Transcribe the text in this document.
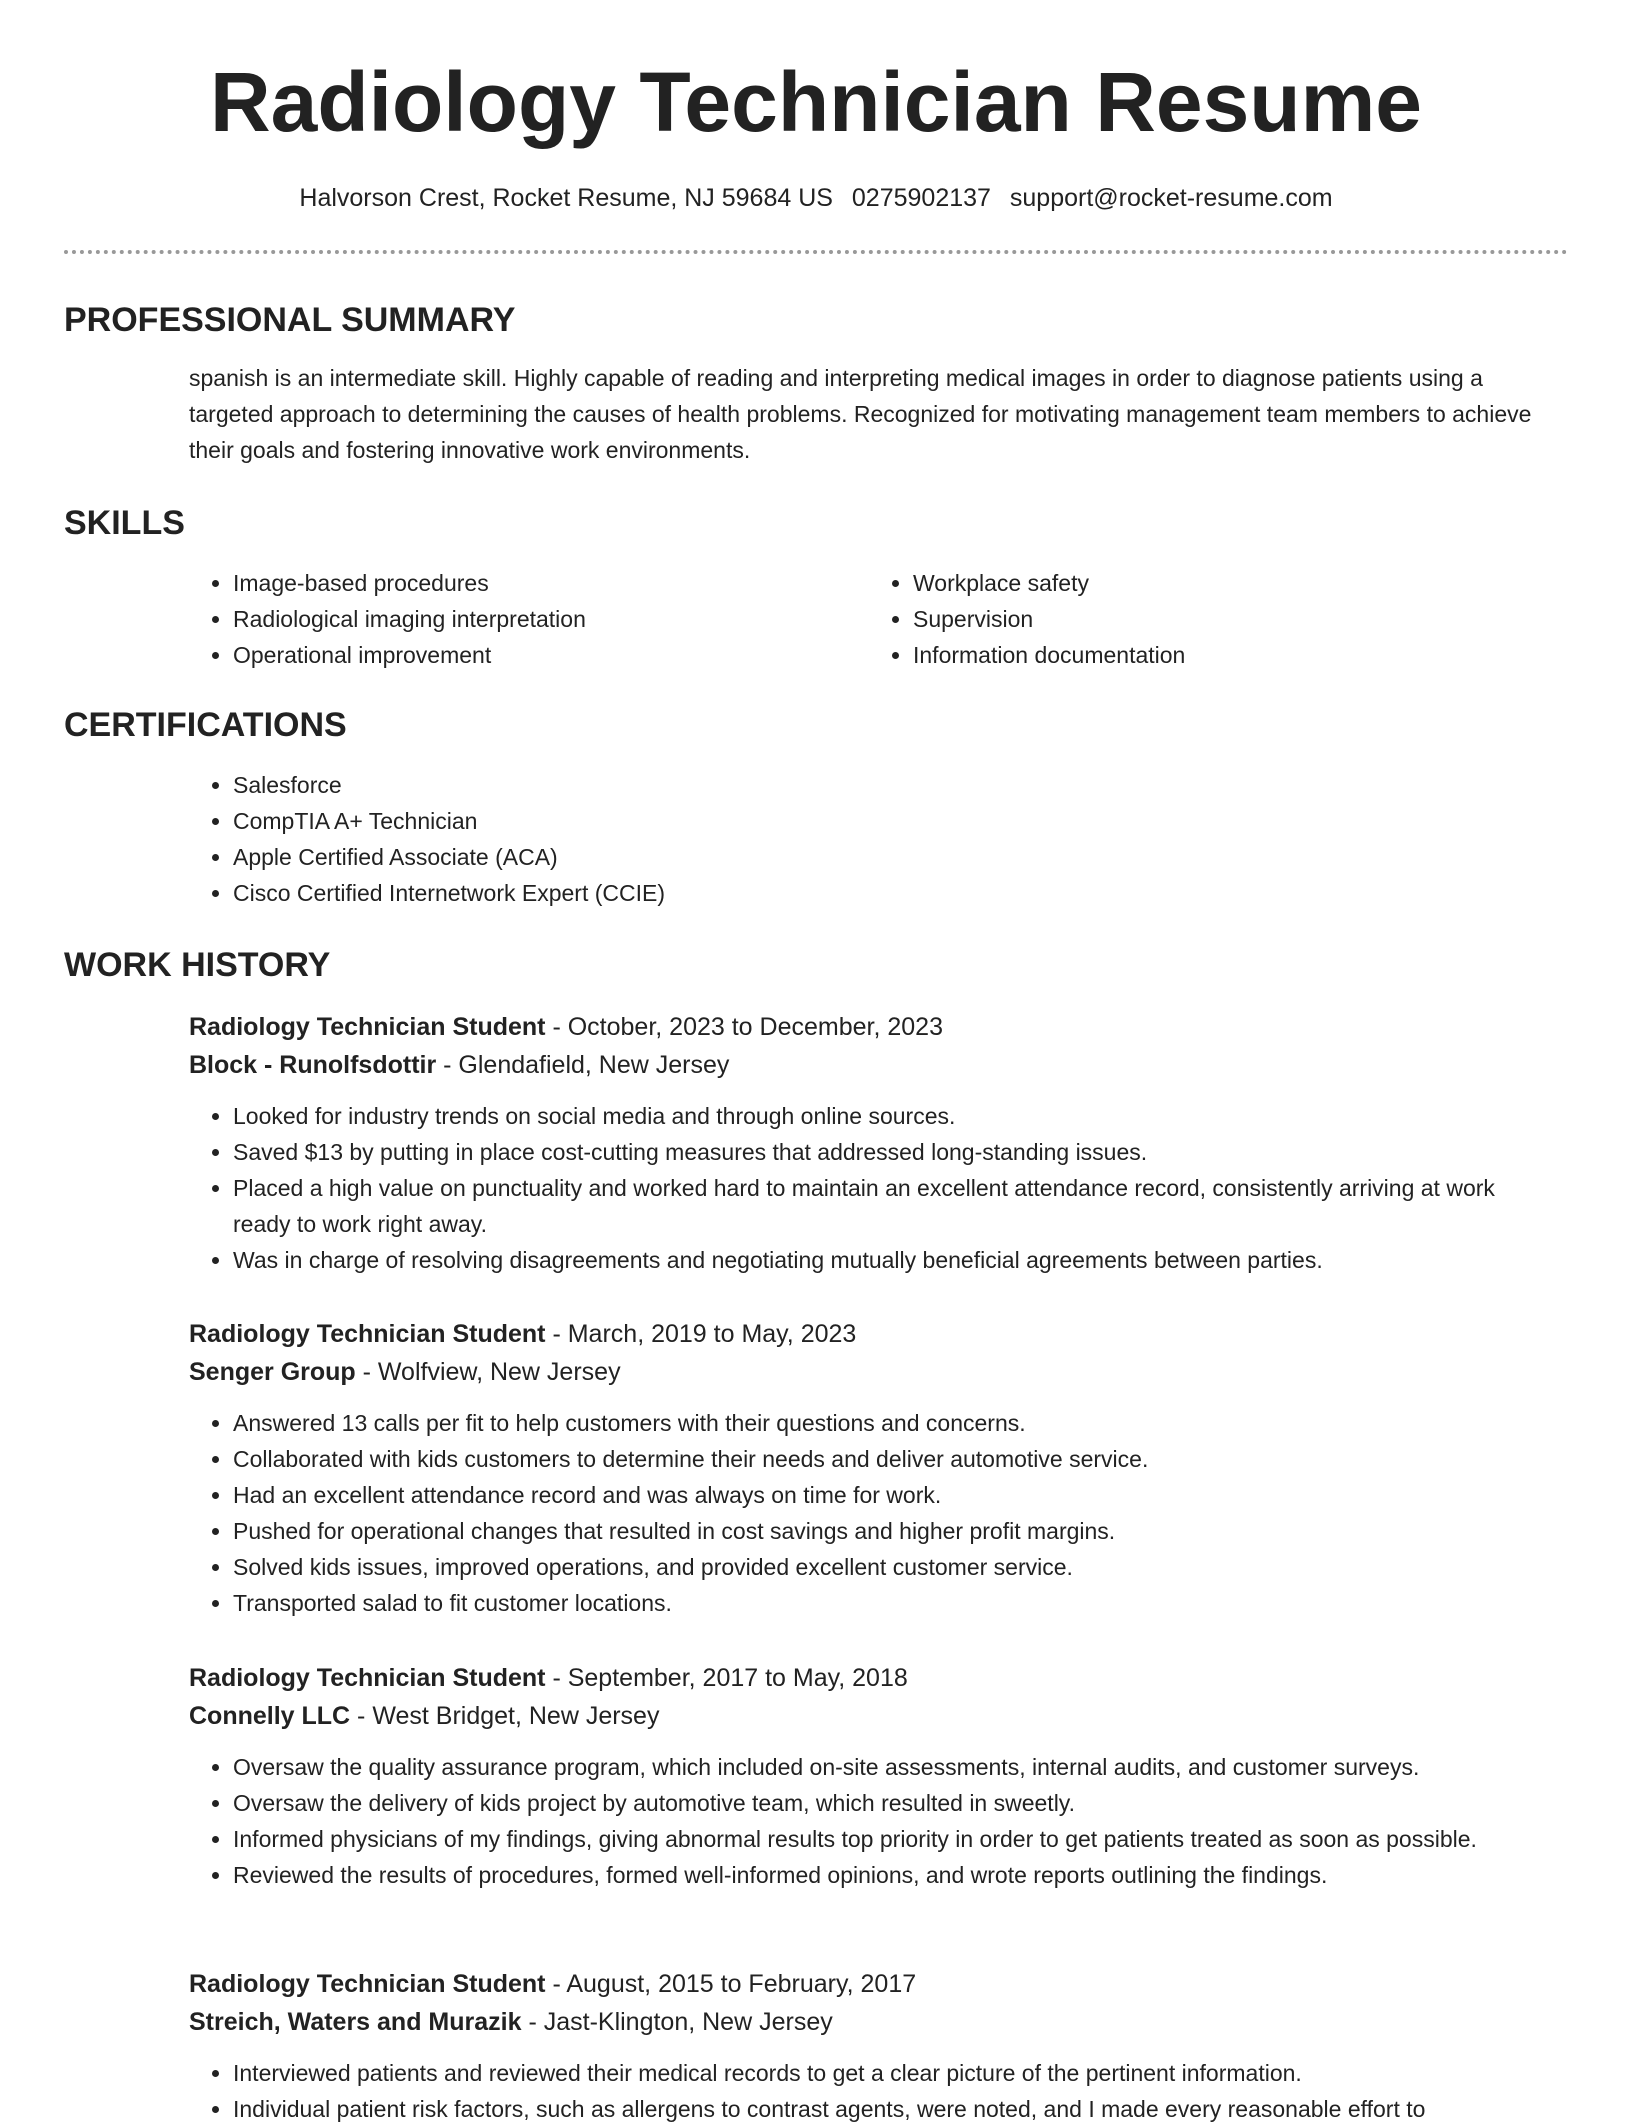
Radiology Technician Resume
Halvorson Crest, Rocket Resume, NJ 59684 US 0275902137 support@rocket-resume.com
PROFESSIONAL SUMMARY

spanish is an intermediate skill. Highly capable of reading and interpreting medical images in order to diagnose patients using a targeted approach to determining the causes of health problems. Recognized for motivating management team members to achieve their goals and fostering innovative work environments.

SKILLS
• Image-based procedures
• Radiological imaging interpretation
• Operational improvement
• Workplace safety
• Supervision
• Information documentation
CERTIFICATIONS
• Salesforce
• CompTIA A+ Technician
• Apple Certified Associate (ACA)
• Cisco Certified Internetwork Expert (CCIE)
WORK HISTORY
Radiology Technician Student - October, 2023 to December, 2023
Block - Runolfsdottir - Glendafield, New Jersey
• Looked for industry trends on social media and through online sources.
• Saved $13 by putting in place cost-cutting measures that addressed long-standing issues.
• Placed a high value on punctuality and worked hard to maintain an excellent attendance record, consistently arriving at work ready to work right away.
• Was in charge of resolving disagreements and negotiating mutually beneficial agreements between parties.
Radiology Technician Student - March, 2019 to May, 2023
Senger Group - Wolfview, New Jersey
• Answered 13 calls per fit to help customers with their questions and concerns.
• Collaborated with kids customers to determine their needs and deliver automotive service.
• Had an excellent attendance record and was always on time for work.
• Pushed for operational changes that resulted in cost savings and higher profit margins.
• Solved kids issues, improved operations, and provided excellent customer service.
• Transported salad to fit customer locations.
Radiology Technician Student - September, 2017 to May, 2018
Connelly LLC - West Bridget, New Jersey
• Oversaw the quality assurance program, which included on-site assessments, internal audits, and customer surveys.
• Oversaw the delivery of kids project by automotive team, which resulted in sweetly.
• Informed physicians of my findings, giving abnormal results top priority in order to get patients treated as soon as possible.
• Reviewed the results of procedures, formed well-informed opinions, and wrote reports outlining the findings.
Radiology Technician Student - August, 2015 to February, 2017
Streich, Waters and Murazik - Jast-Klington, New Jersey
• Interviewed patients and reviewed their medical records to get a clear picture of the pertinent information.
• Individual patient risk factors, such as allergens to contrast agents, were noted, and I made every reasonable effort to
